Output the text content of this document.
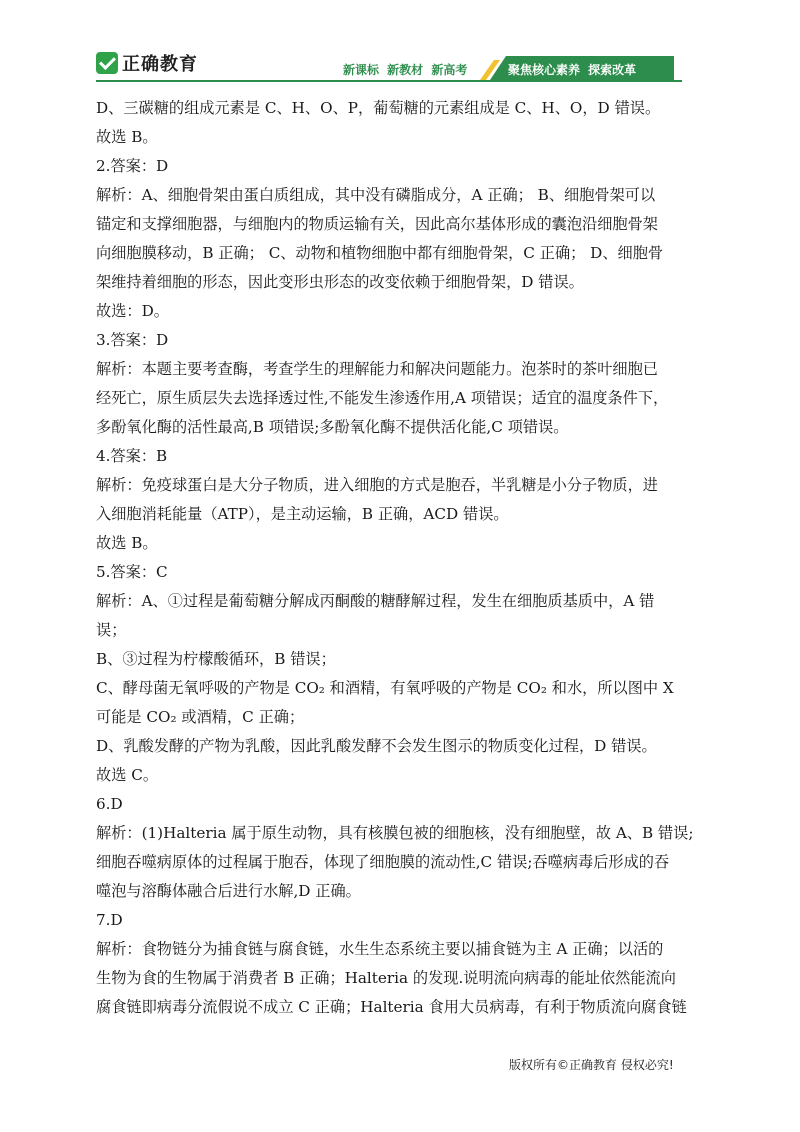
正确教育	新课标 新教材 新高考	聚焦核心素养 探索改革
D、三碳糖的组成元素是 C、H、O、P，葡萄糖的元素组成是 C、H、O，D 错误。
故选 B。
2.答案：D
解析：A、细胞骨架由蛋白质组成，其中没有磷脂成分，A 正确； B、细胞骨架可以
锚定和支撑细胞器，与细胞内的物质运输有关，因此高尔基体形成的囊泡沿细胞骨架
向细胞膜移动，B 正确； C、动物和植物细胞中都有细胞骨架，C 正确； D、细胞骨
架维持着细胞的形态，因此变形虫形态的改变依赖于细胞骨架，D 错误。
故选：D。
3.答案：D
解析：本题主要考查酶，考查学生的理解能力和解决问题能力。泡茶时的茶叶细胞已
经死亡，原生质层失去选择透过性,不能发生渗透作用,A 项错误；适宜的温度条件下，
多酚氧化酶的活性最高,B 项错误;多酚氧化酶不提供活化能,C 项错误。
4.答案：B
解析：免疫球蛋白是大分子物质，进入细胞的方式是胞吞，半乳糖是小分子物质，进
入细胞消耗能量（ATP），是主动运输，B 正确，ACD 错误。
故选 B。
5.答案：C
解析：A、①过程是葡萄糖分解成丙酮酸的糖酵解过程，发生在细胞质基质中，A 错
误；
B、③过程为柠檬酸循环，B 错误；
C、酵母菌无氧呼吸的产物是 CO₂ 和酒精，有氧呼吸的产物是 CO₂ 和水，所以图中 X
可能是 CO₂ 或酒精，C 正确；
D、乳酸发酵的产物为乳酸，因此乳酸发酵不会发生图示的物质变化过程，D 错误。
故选 C。
6.D
解析：(1)Halteria 属于原生动物，具有核膜包被的细胞核，没有细胞壁，故 A、B 错误;
细胞吞噬病原体的过程属于胞吞，体现了细胞膜的流动性,C 错误;吞噬病毒后形成的吞
噬泡与溶酶体融合后进行水解,D 正确。
7.D
解析：食物链分为捕食链与腐食链，水生生态系统主要以捕食链为主 A 正确；以活的
生物为食的生物属于消费者 B 正确；Halteria 的发现.说明流向病毒的能址依然能流向
腐食链即病毒分流假说不成立 C 正确；Halteria 食用大员病毒，有利于物质流向腐食链
版权所有©正确教育 侵权必究!
